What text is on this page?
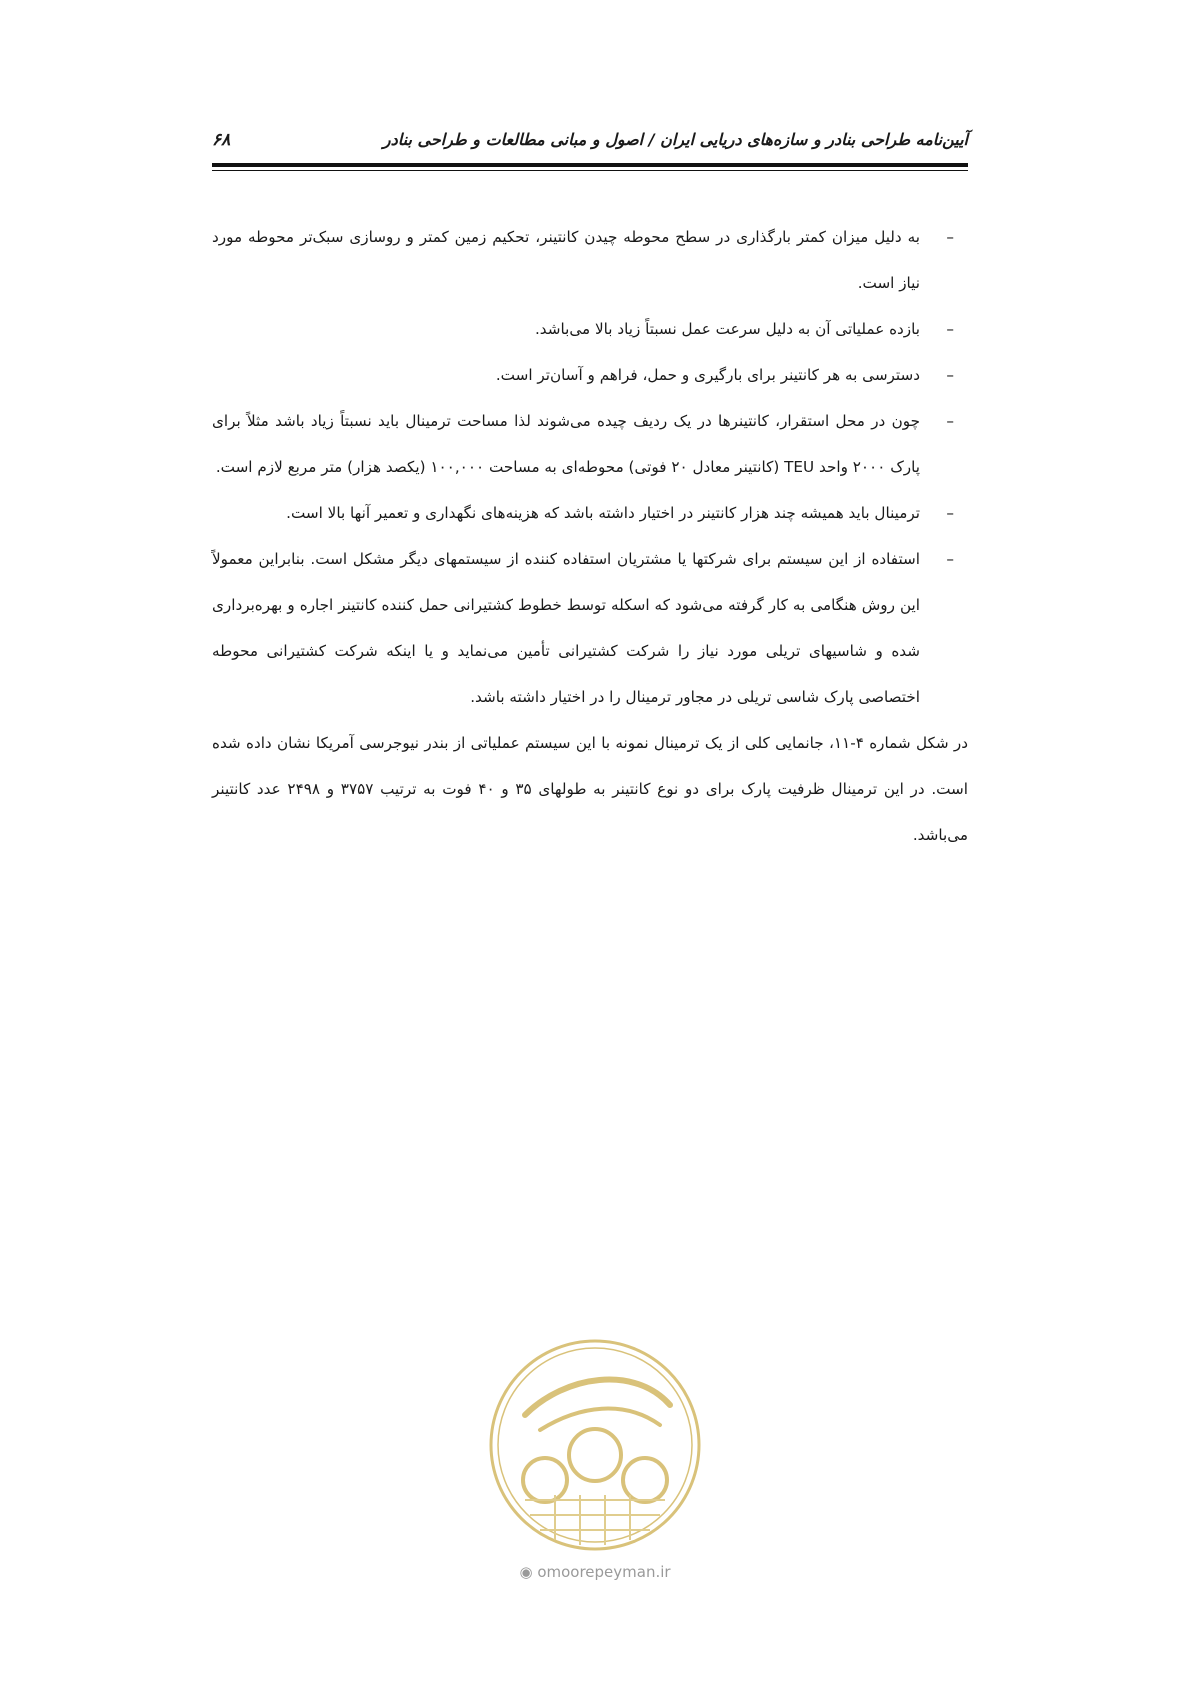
آیین‌نامه طراحی بنادر و سازه‌های دریایی ایران / اصول و مبانی مطالعات و طراحی بنادر
۶۸
– به دلیل میزان کمتر بارگذاری در سطح محوطه چیدن کانتینر، تحکیم زمین کمتر و روسازی سبک‌تر محوطه مورد نیاز است.
– بازده عملیاتی آن به دلیل سرعت عمل نسبتاً زیاد بالا می‌باشد.
– دسترسی به هر کانتینر برای بارگیری و حمل، فراهم و آسان‌تر است.
– چون در محل استقرار، کانتینرها در یک ردیف چیده می‌شوند لذا مساحت ترمینال باید نسبتاً زیاد باشد مثلاً برای پارک ۲۰۰۰ واحد TEU (کانتینر معادل ۲۰ فوتی) محوطه‌ای به مساحت ۱۰۰,۰۰۰ (یکصد هزار) متر مربع لازم است.
– ترمینال باید همیشه چند هزار کانتینر در اختیار داشته باشد که هزینه‌های نگهداری و تعمیر آنها بالا است.
– استفاده از این سیستم برای شرکتها یا مشتریان استفاده کننده از سیستمهای دیگر مشکل است. بنابراین معمولاً این روش هنگامی به کار گرفته می‌شود که اسکله توسط خطوط کشتیرانی حمل کننده کانتینر اجاره و بهره‌برداری شده و شاسیهای تریلی مورد نیاز را شرکت کشتیرانی تأمین می‌نماید و یا اینکه شرکت کشتیرانی محوطه اختصاصی پارک شاسی تریلی در مجاور ترمینال را در اختیار داشته باشد.

در شکل شماره ۴-۱۱، جانمایی کلی از یک ترمینال نمونه با این سیستم عملیاتی از بندر نیوجرسی آمریکا نشان داده شده است. در این ترمینال ظرفیت پارک برای دو نوع کانتینر به طولهای ۳۵ و ۴۰ فوت به ترتیب ۳۷۵۷ و ۲۴۹۸ عدد کانتینر می‌باشد.

◉ omoorepeyman.ir
